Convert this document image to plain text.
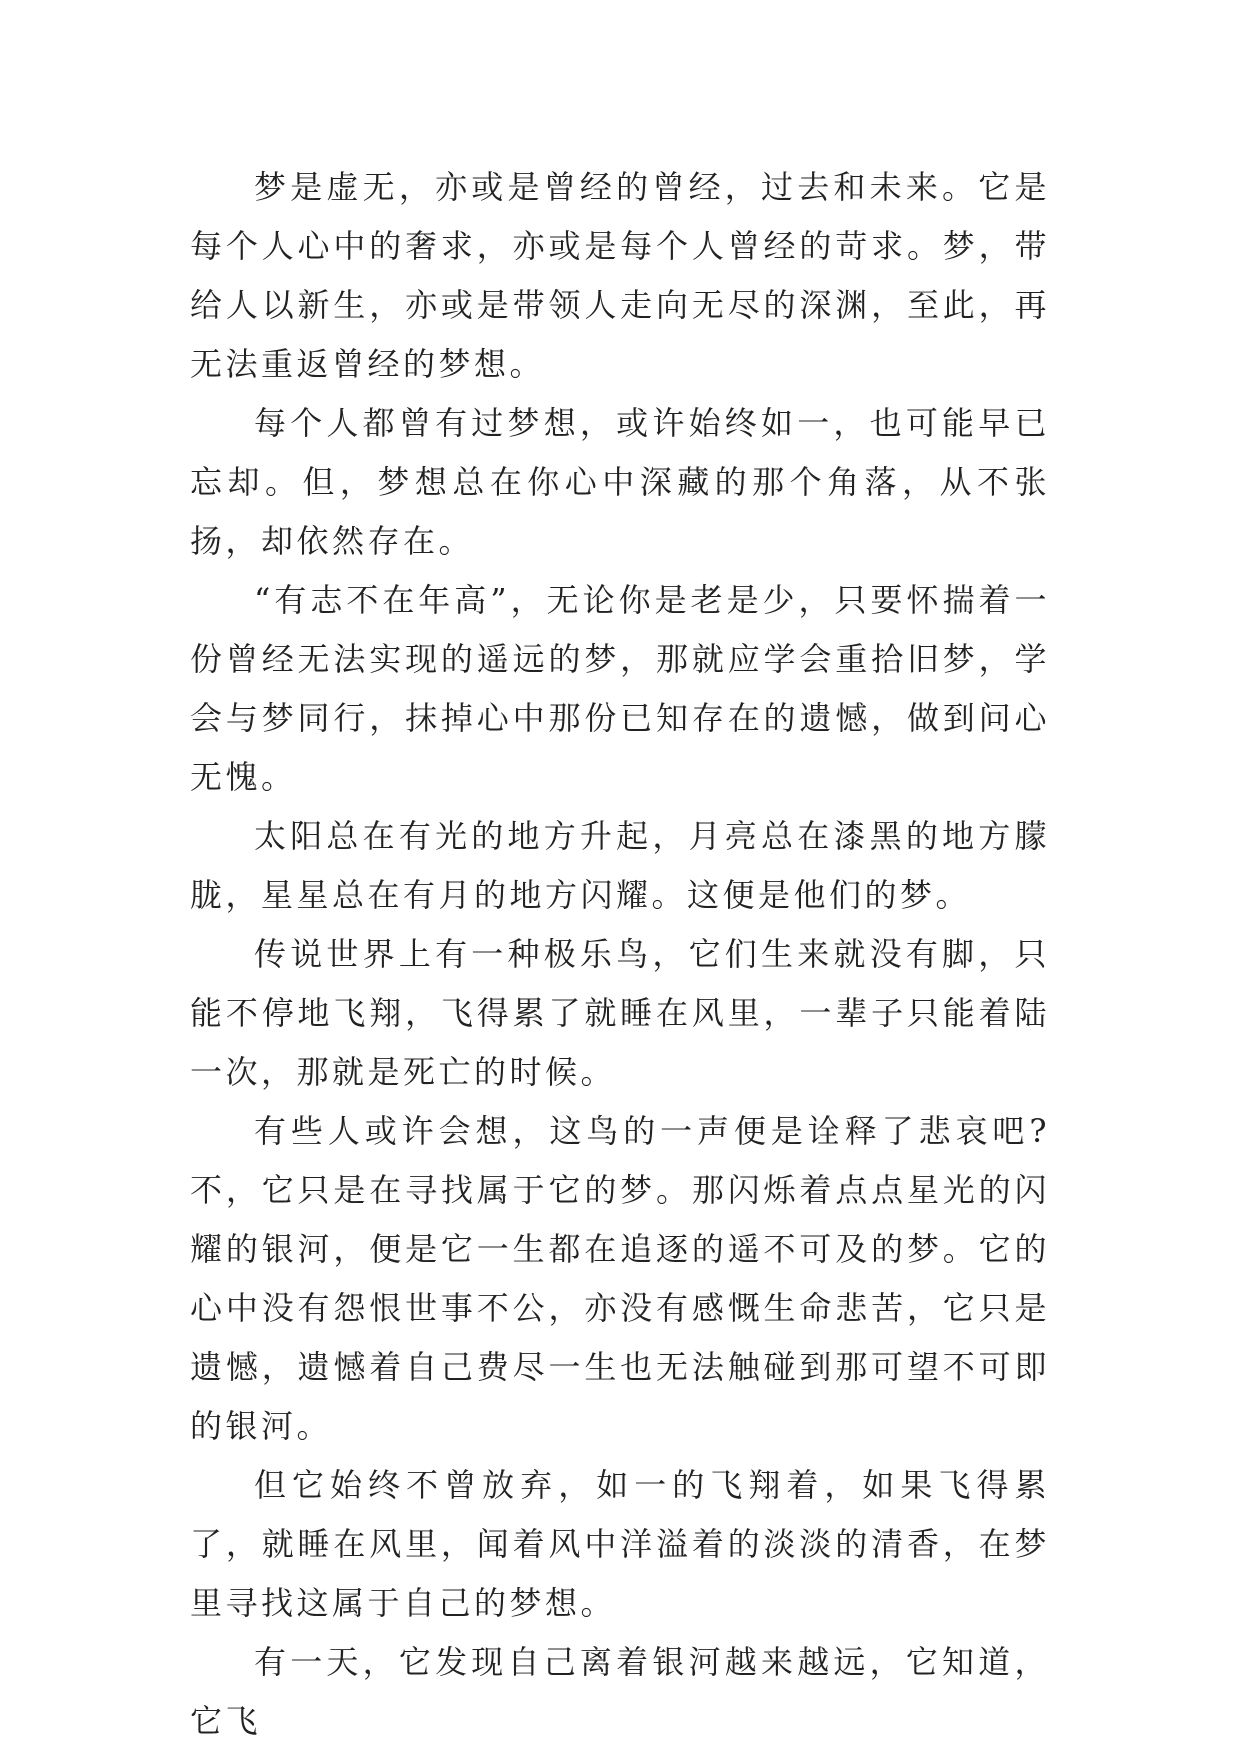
梦是虚无，亦或是曾经的曾经，过去和未来。它是每个人心中的奢求，亦或是每个人曾经的苛求。梦，带给人以新生，亦或是带领人走向无尽的深渊，至此，再无法重返曾经的梦想。

每个人都曾有过梦想，或许始终如一，也可能早已忘却。但，梦想总在你心中深藏的那个角落，从不张扬，却依然存在。

“有志不在年高”，无论你是老是少，只要怀揣着一份曾经无法实现的遥远的梦，那就应学会重拾旧梦，学会与梦同行，抹掉心中那份已知存在的遗憾，做到问心无愧。

太阳总在有光的地方升起，月亮总在漆黑的地方朦胧，星星总在有月的地方闪耀。这便是他们的梦。

传说世界上有一种极乐鸟，它们生来就没有脚，只能不停地飞翔，飞得累了就睡在风里，一辈子只能着陆一次，那就是死亡的时候。

有些人或许会想，这鸟的一声便是诠释了悲哀吧?不，它只是在寻找属于它的梦。那闪烁着点点星光的闪耀的银河，便是它一生都在追逐的遥不可及的梦。它的心中没有怨恨世事不公，亦没有感慨生命悲苦，它只是遗憾，遗憾着自己费尽一生也无法触碰到那可望不可即的银河。

但它始终不曾放弃，如一的飞翔着，如果飞得累了，就睡在风里，闻着风中洋溢着的淡淡的清香，在梦里寻找这属于自己的梦想。

有一天，它发现自己离着银河越来越远，它知道，它飞
